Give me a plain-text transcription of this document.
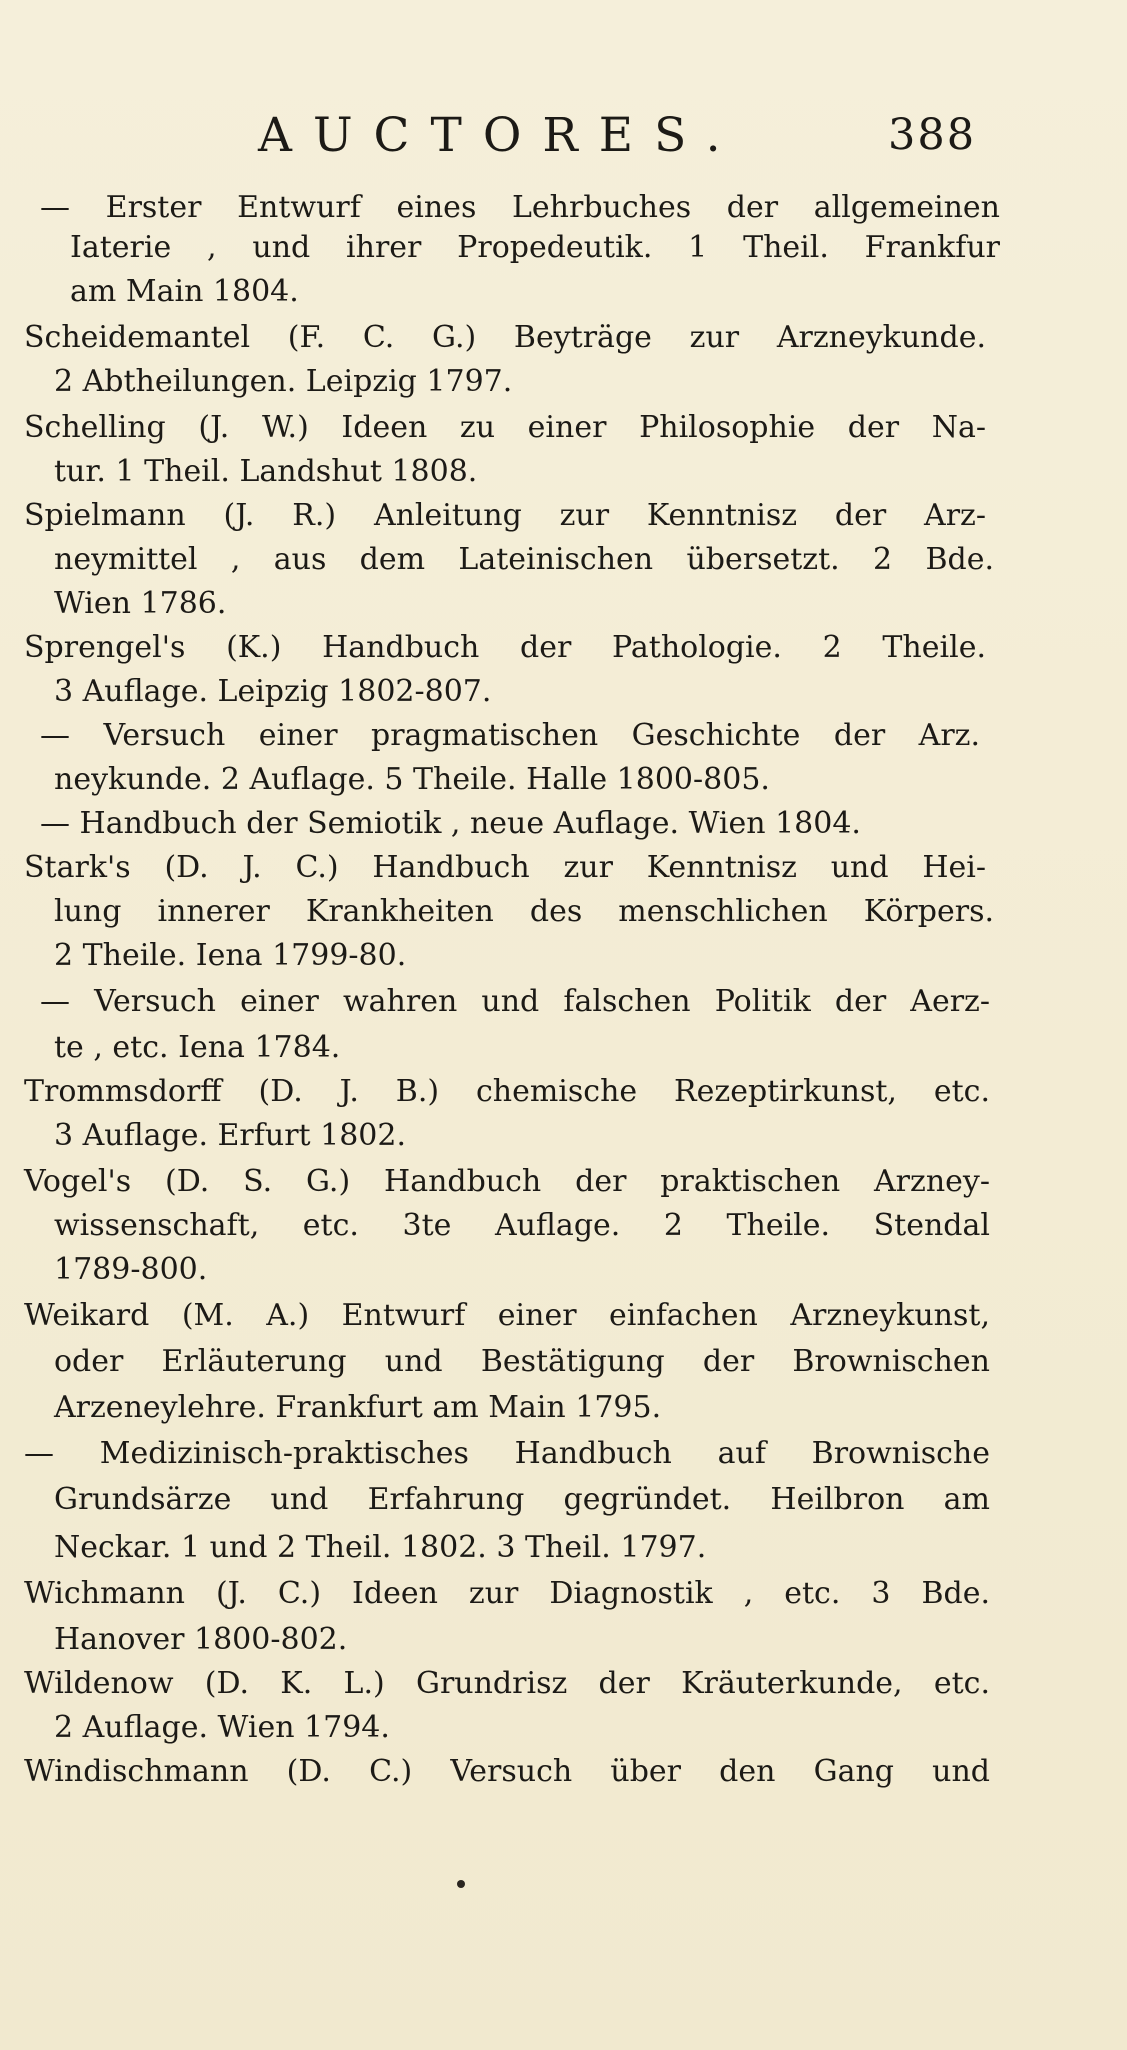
AUCTORES.	388
— Erster Entwurf eines Lehrbuches der allgemeinen
Iaterie , und ihrer Propedeutik. 1 Theil. Frankfur
am Main 1804.
Scheidemantel (F. C. G.) Beyträge zur Arzneykunde.
2 Abtheilungen. Leipzig 1797.
Schelling (J. W.) Ideen zu einer Philosophie der Na-
tur. 1 Theil. Landshut 1808.
Spielmann (J. R.) Anleitung zur Kenntnisz der Arz-
neymittel , aus dem Lateinischen übersetzt. 2 Bde.
Wien 1786.
Sprengel's (K.) Handbuch der Pathologie. 2 Theile.
3 Auflage. Leipzig 1802-807.
— Versuch einer pragmatischen Geschichte der Arz.
neykunde. 2 Auflage. 5 Theile. Halle 1800-805.
— Handbuch der Semiotik , neue Auflage. Wien 1804.
Stark's (D. J. C.) Handbuch zur Kenntnisz und Hei-
lung innerer Krankheiten des menschlichen Körpers.
2 Theile. Iena 1799-80.
— Versuch einer wahren und falschen Politik der Aerz-
te , etc. Iena 1784.
Trommsdorff (D. J. B.) chemische Rezeptirkunst, etc.
3 Auflage. Erfurt 1802.
Vogel's (D. S. G.) Handbuch der praktischen Arzney-
wissenschaft, etc. 3te Auflage. 2 Theile. Stendal
1789-800.
Weikard (M. A.) Entwurf einer einfachen Arzneykunst,
oder Erläuterung und Bestätigung der Brownischen
Arzeneylehre. Frankfurt am Main 1795.
— Medizinisch-praktisches Handbuch auf Brownische
Grundsärze und Erfahrung gegründet. Heilbron am
Neckar. 1 und 2 Theil. 1802. 3 Theil. 1797.
Wichmann (J. C.) Ideen zur Diagnostik , etc. 3 Bde.
Hanover 1800-802.
Wildenow (D. K. L.) Grundrisz der Kräuterkunde, etc.
2 Auflage. Wien 1794.
Windischmann (D. C.) Versuch über den Gang und
